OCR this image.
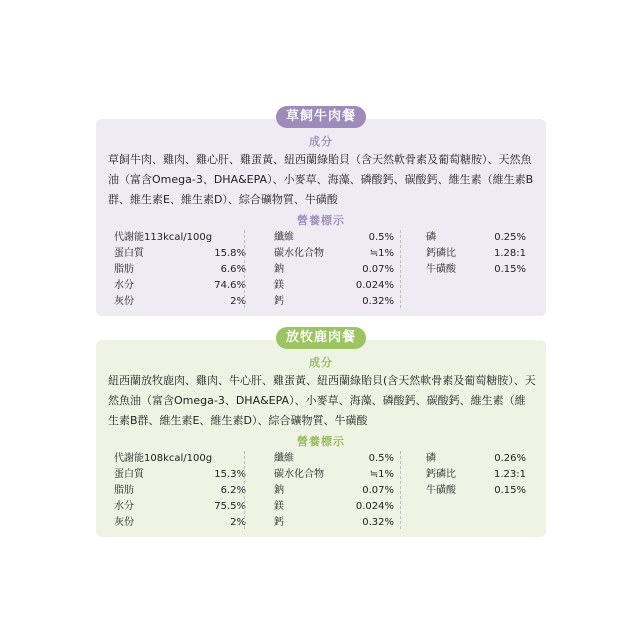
草飼牛肉餐
成分

草飼牛肉、雞肉、雞心肝、雞蛋黃、紐西蘭綠貽貝（含天然軟骨素及葡萄糖胺）、天然魚油（富含Omega-3、DHA&EPA）、小麥草、海藻、磷酸鈣、碳酸鈣、維生素（維生素B群、維生素E、維生素D）、綜合礦物質、牛磺酸

營養標示
代謝能113kcal/100g
蛋白質	15.8%
脂肪	6.6%
水分	74.6%
灰份	2%
纖維	0.5%
碳水化合物	≒1%
鈉	0.07%
鎂	0.024%
鈣	0.32%
磷	0.25%
鈣磷比	1.28:1
牛磺酸	0.15%
放牧鹿肉餐
成分

紐西蘭放牧鹿肉、雞肉、牛心肝、雞蛋黃、紐西蘭綠貽貝(含天然軟骨素及葡萄糖胺）、天然魚油（富含Omega-3、DHA&EPA）、小麥草、海藻、磷酸鈣、碳酸鈣、維生素（維生素B群、維生素E、維生素D）、綜合礦物質、牛磺酸

營養標示
代謝能108kcal/100g
蛋白質	15.3%
脂肪	6.2%
水分	75.5%
灰份	2%
纖維	0.5%
碳水化合物	≒1%
鈉	0.07%
鎂	0.024%
鈣	0.32%
磷	0.26%
鈣磷比	1.23:1
牛磺酸	0.15%
